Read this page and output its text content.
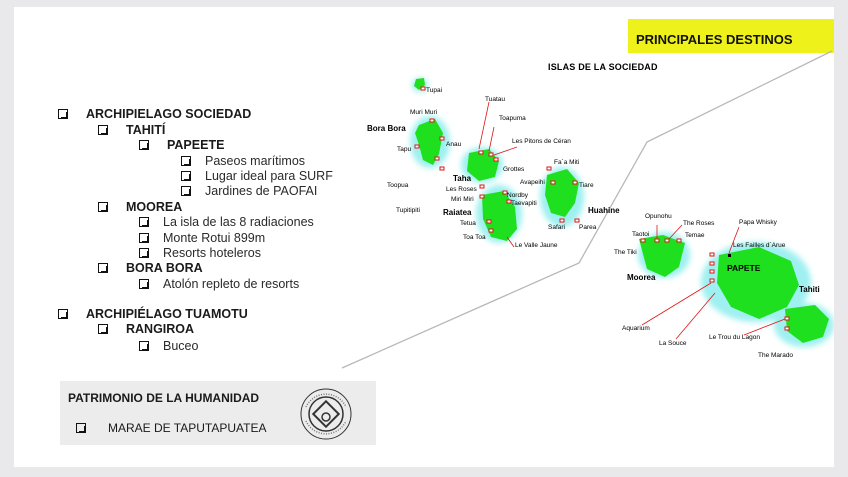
PRINCIPALES DESTINOS
ARCHIPIELAGO SOCIEDAD
TAHITÍ
PAPEETE
Paseos marítimos
Lugar ideal para SURF
Jardines de PAOFAI
MOOREA
La isla de las 8 radiaciones
Monte Rotui 899m
Resorts hoteleros
BORA BORA
Atolón repleto de resorts
ARCHIPIÉLAGO TUAMOTU
RANGIROA
Buceo
PATRIMONIO DE LA HUMANIDAD
MARAE DE TAPUTAPUATEA
ISLAS DE LA SOCIEDAD
Tupai
Muri Muri
Bora Bora
Anau
Tapu
Toopua
Tupitipiti
Tuatau
Toapuma
Les Pitons de Céran
Grottes
Taha
Les Roses
Miri Miri
Nordby
Taevapiti
Raiatea
Tetua
Toa Toa
Le Valle Jaune
Fa´a Miti
Avapeihi	Tiare
Huahine
Safari Parea
Opunohu
The Roses
Taotoi	Temae
The Tiki
Moorea
Papa Whisky
Les Failles d´Arue
PAPETE
Tahiti
Aquarium
La Souce
Le Trou du Lagon
The Marado
